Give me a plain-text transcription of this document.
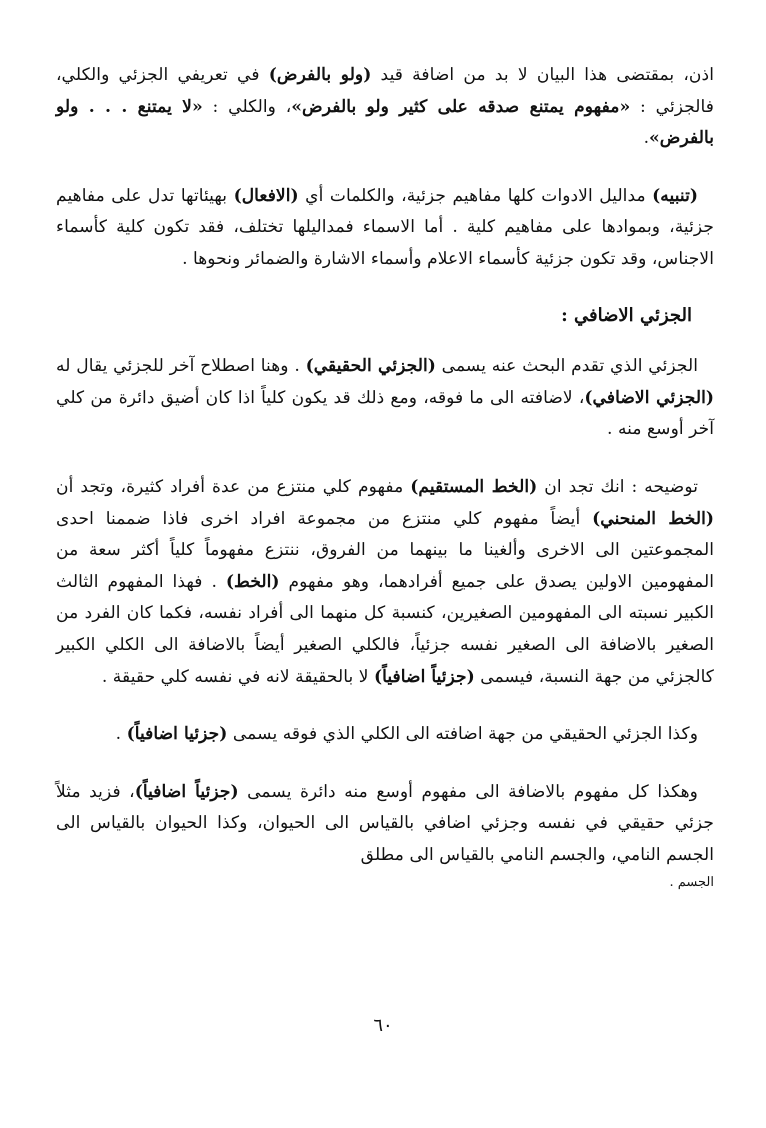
اذن، بمقتضى هذا البيان لا بد من اضافة قيد (ولو بالفرض) في تعريفي الجزئي والكلي، فالجزئي : «مفهوم يمتنع صدقه على كثير ولو بالفرض»، والكلي : «لا يمتنع . . . ولو بالفرض».

(تنبيه) مداليل الادوات كلها مفاهيم جزئية، والكلمات أي (الافعال) بهيئاتها تدل على مفاهيم جزئية، وبموادها على مفاهيم كلية . أما الاسماء فمداليلها تختلف، فقد تكون كلية كأسماء الاجناس، وقد تكون جزئية كأسماء الاعلام وأسماء الاشارة والضمائر ونحوها .

الجزئي الاضافي :

الجزئي الذي تقدم البحث عنه يسمى (الجزئي الحقيقي) . وهنا اصطلاح آخر للجزئي يقال له (الجزئي الاضافي)، لاضافته الى ما فوقه، ومع ذلك قد يكون كلياً اذا كان أضيق دائرة من كلي آخر أوسع منه .

توضيحه : انك تجد ان (الخط المستقيم) مفهوم كلي منتزع من عدة أفراد كثيرة، وتجد أن (الخط المنحني) أيضاً مفهوم كلي منتزع من مجموعة افراد اخرى فاذا ضممنا احدى المجموعتين الى الاخرى وألغينا ما بينهما من الفروق، ننتزع مفهوماً كلياً أكثر سعة من المفهومين الاولين يصدق على جميع أفرادهما، وهو مفهوم (الخط) . فهذا المفهوم الثالث الكبير نسبته الى المفهومين الصغيرين، كنسبة كل منهما الى أفراد نفسه، فكما كان الفرد من الصغير بالاضافة الى الصغير نفسه جزئياً، فالكلي الصغير أيضاً بالاضافة الى الكلي الكبير كالجزئي من جهة النسبة، فيسمى (جزئياً اضافياً) لا بالحقيقة لانه في نفسه كلي حقيقة .

وكذا الجزئي الحقيقي من جهة اضافته الى الكلي الذي فوقه يسمى (جزئيا اضافياً) .

وهكذا كل مفهوم بالاضافة الى مفهوم أوسع منه دائرة يسمى (جزئياً اضافياً)، فزيد مثلاً جزئي حقيقي في نفسه وجزئي اضافي بالقياس الى الحيوان، وكذا الحيوان بالقياس الى الجسم النامي، والجسم النامي بالقياس الى مطلق

الجسم .

٦٠
